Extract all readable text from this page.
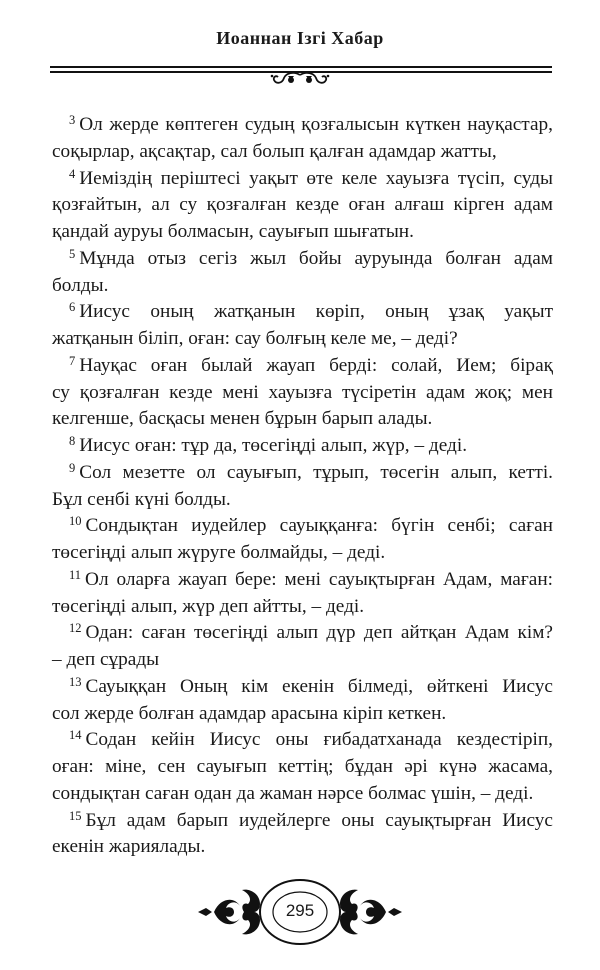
Иоаннан Ізгі Хабар
$^3$ Ол жерде көптеген судың қозғалысын күткен науқастар,
соқырлар, ақсақтар, сал болып қалған адамдар жатты,
$^4$ Иеміздің періштесі уақыт өте келе хауызға түсіп, суды
қозғайтын, ал су қозғалған кезде оған алғаш кірген адам
қандай ауруы болмасын, сауығып шығатын.
$^5$ Мұнда отыз сегіз жыл бойы ауруында болған адам
болды.
$^6$ Иисус оның жатқанын көріп, оның ұзақ уақыт
жатқанын біліп, оған: сау болғың келе ме, – деді?
$^7$ Науқас оған былай жауап берді: солай, Ием; бірақ
су қозғалған кезде мені хауызға түсіретін адам жоқ; мен
келгенше, басқасы менен бұрын барып алады.
$^8$ Иисус оған: тұр да, төсегіңді алып, жүр, – деді.
$^9$ Сол мезетте ол сауығып, тұрып, төсегін алып, кетті.
Бұл сенбі күні болды.
$^{10}$ Сондықтан иудейлер сауыққанға: бүгін сенбі; саған
төсегіңді алып жүруге болмайды, – деді.
$^{11}$ Ол оларға жауап бере: мені сауықтырған Адам, маған:
төсегіңді алып, жүр деп айтты, – деді.
$^{12}$ Одан: саған төсегіңді алып дүр деп айтқан Адам кім?
– деп сұрады
$^{13}$ Сауыққан Оның кім екенін білмеді, өйткені Иисус
сол жерде болған адамдар арасына кіріп кеткен.
$^{14}$ Содан кейін Иисус оны ғибадатханада кездестіріп,
оған: міне, сен сауығып кеттің; бұдан әрі күнә жасама,
сондықтан саған одан да жаман нәрсе болмас үшін, – деді.
$^{15}$ Бұл адам барып иудейлерге оны сауықтырған Иисус
екенін жариялады.
295
